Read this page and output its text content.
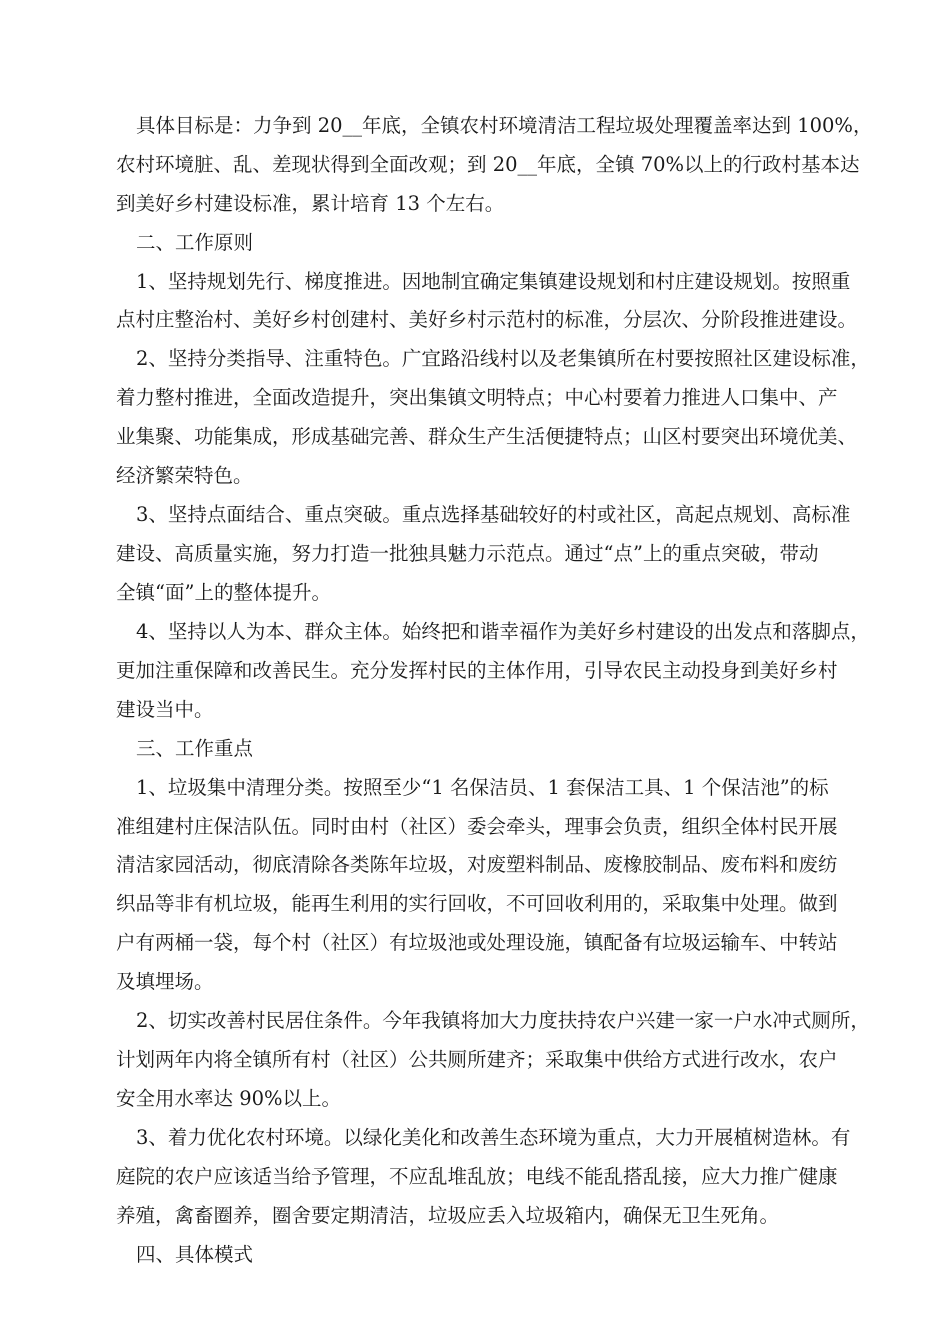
具体目标是：力争到 20__年底，全镇农村环境清洁工程垃圾处理覆盖率达到 100%，
农村环境脏、乱、差现状得到全面改观；到 20__年底，全镇 70%以上的行政村基本达
到美好乡村建设标准，累计培育 13 个左右。
二、工作原则
1、坚持规划先行、梯度推进。因地制宜确定集镇建设规划和村庄建设规划。按照重
点村庄整治村、美好乡村创建村、美好乡村示范村的标准，分层次、分阶段推进建设。
2、坚持分类指导、注重特色。广宜路沿线村以及老集镇所在村要按照社区建设标准，
着力整村推进，全面改造提升，突出集镇文明特点；中心村要着力推进人口集中、产
业集聚、功能集成，形成基础完善、群众生产生活便捷特点；山区村要突出环境优美、
经济繁荣特色。
3、坚持点面结合、重点突破。重点选择基础较好的村或社区，高起点规划、高标准
建设、高质量实施，努力打造一批独具魅力示范点。通过“点”上的重点突破，带动
全镇“面”上的整体提升。
4、坚持以人为本、群众主体。始终把和谐幸福作为美好乡村建设的出发点和落脚点，
更加注重保障和改善民生。充分发挥村民的主体作用，引导农民主动投身到美好乡村
建设当中。
三、工作重点
1、垃圾集中清理分类。按照至少“1 名保洁员、1 套保洁工具、1 个保洁池”的标
准组建村庄保洁队伍。同时由村（社区）委会牵头，理事会负责，组织全体村民开展
清洁家园活动，彻底清除各类陈年垃圾，对废塑料制品、废橡胶制品、废布料和废纺
织品等非有机垃圾，能再生利用的实行回收，不可回收利用的，采取集中处理。做到
户有两桶一袋，每个村（社区）有垃圾池或处理设施，镇配备有垃圾运输车、中转站
及填埋场。
2、切实改善村民居住条件。今年我镇将加大力度扶持农户兴建一家一户水冲式厕所，
计划两年内将全镇所有村（社区）公共厕所建齐；采取集中供给方式进行改水，农户
安全用水率达 90%以上。
3、着力优化农村环境。以绿化美化和改善生态环境为重点，大力开展植树造林。有
庭院的农户应该适当给予管理，不应乱堆乱放；电线不能乱搭乱接，应大力推广健康
养殖，禽畜圈养，圈舍要定期清洁，垃圾应丢入垃圾箱内，确保无卫生死角。
四、具体模式
